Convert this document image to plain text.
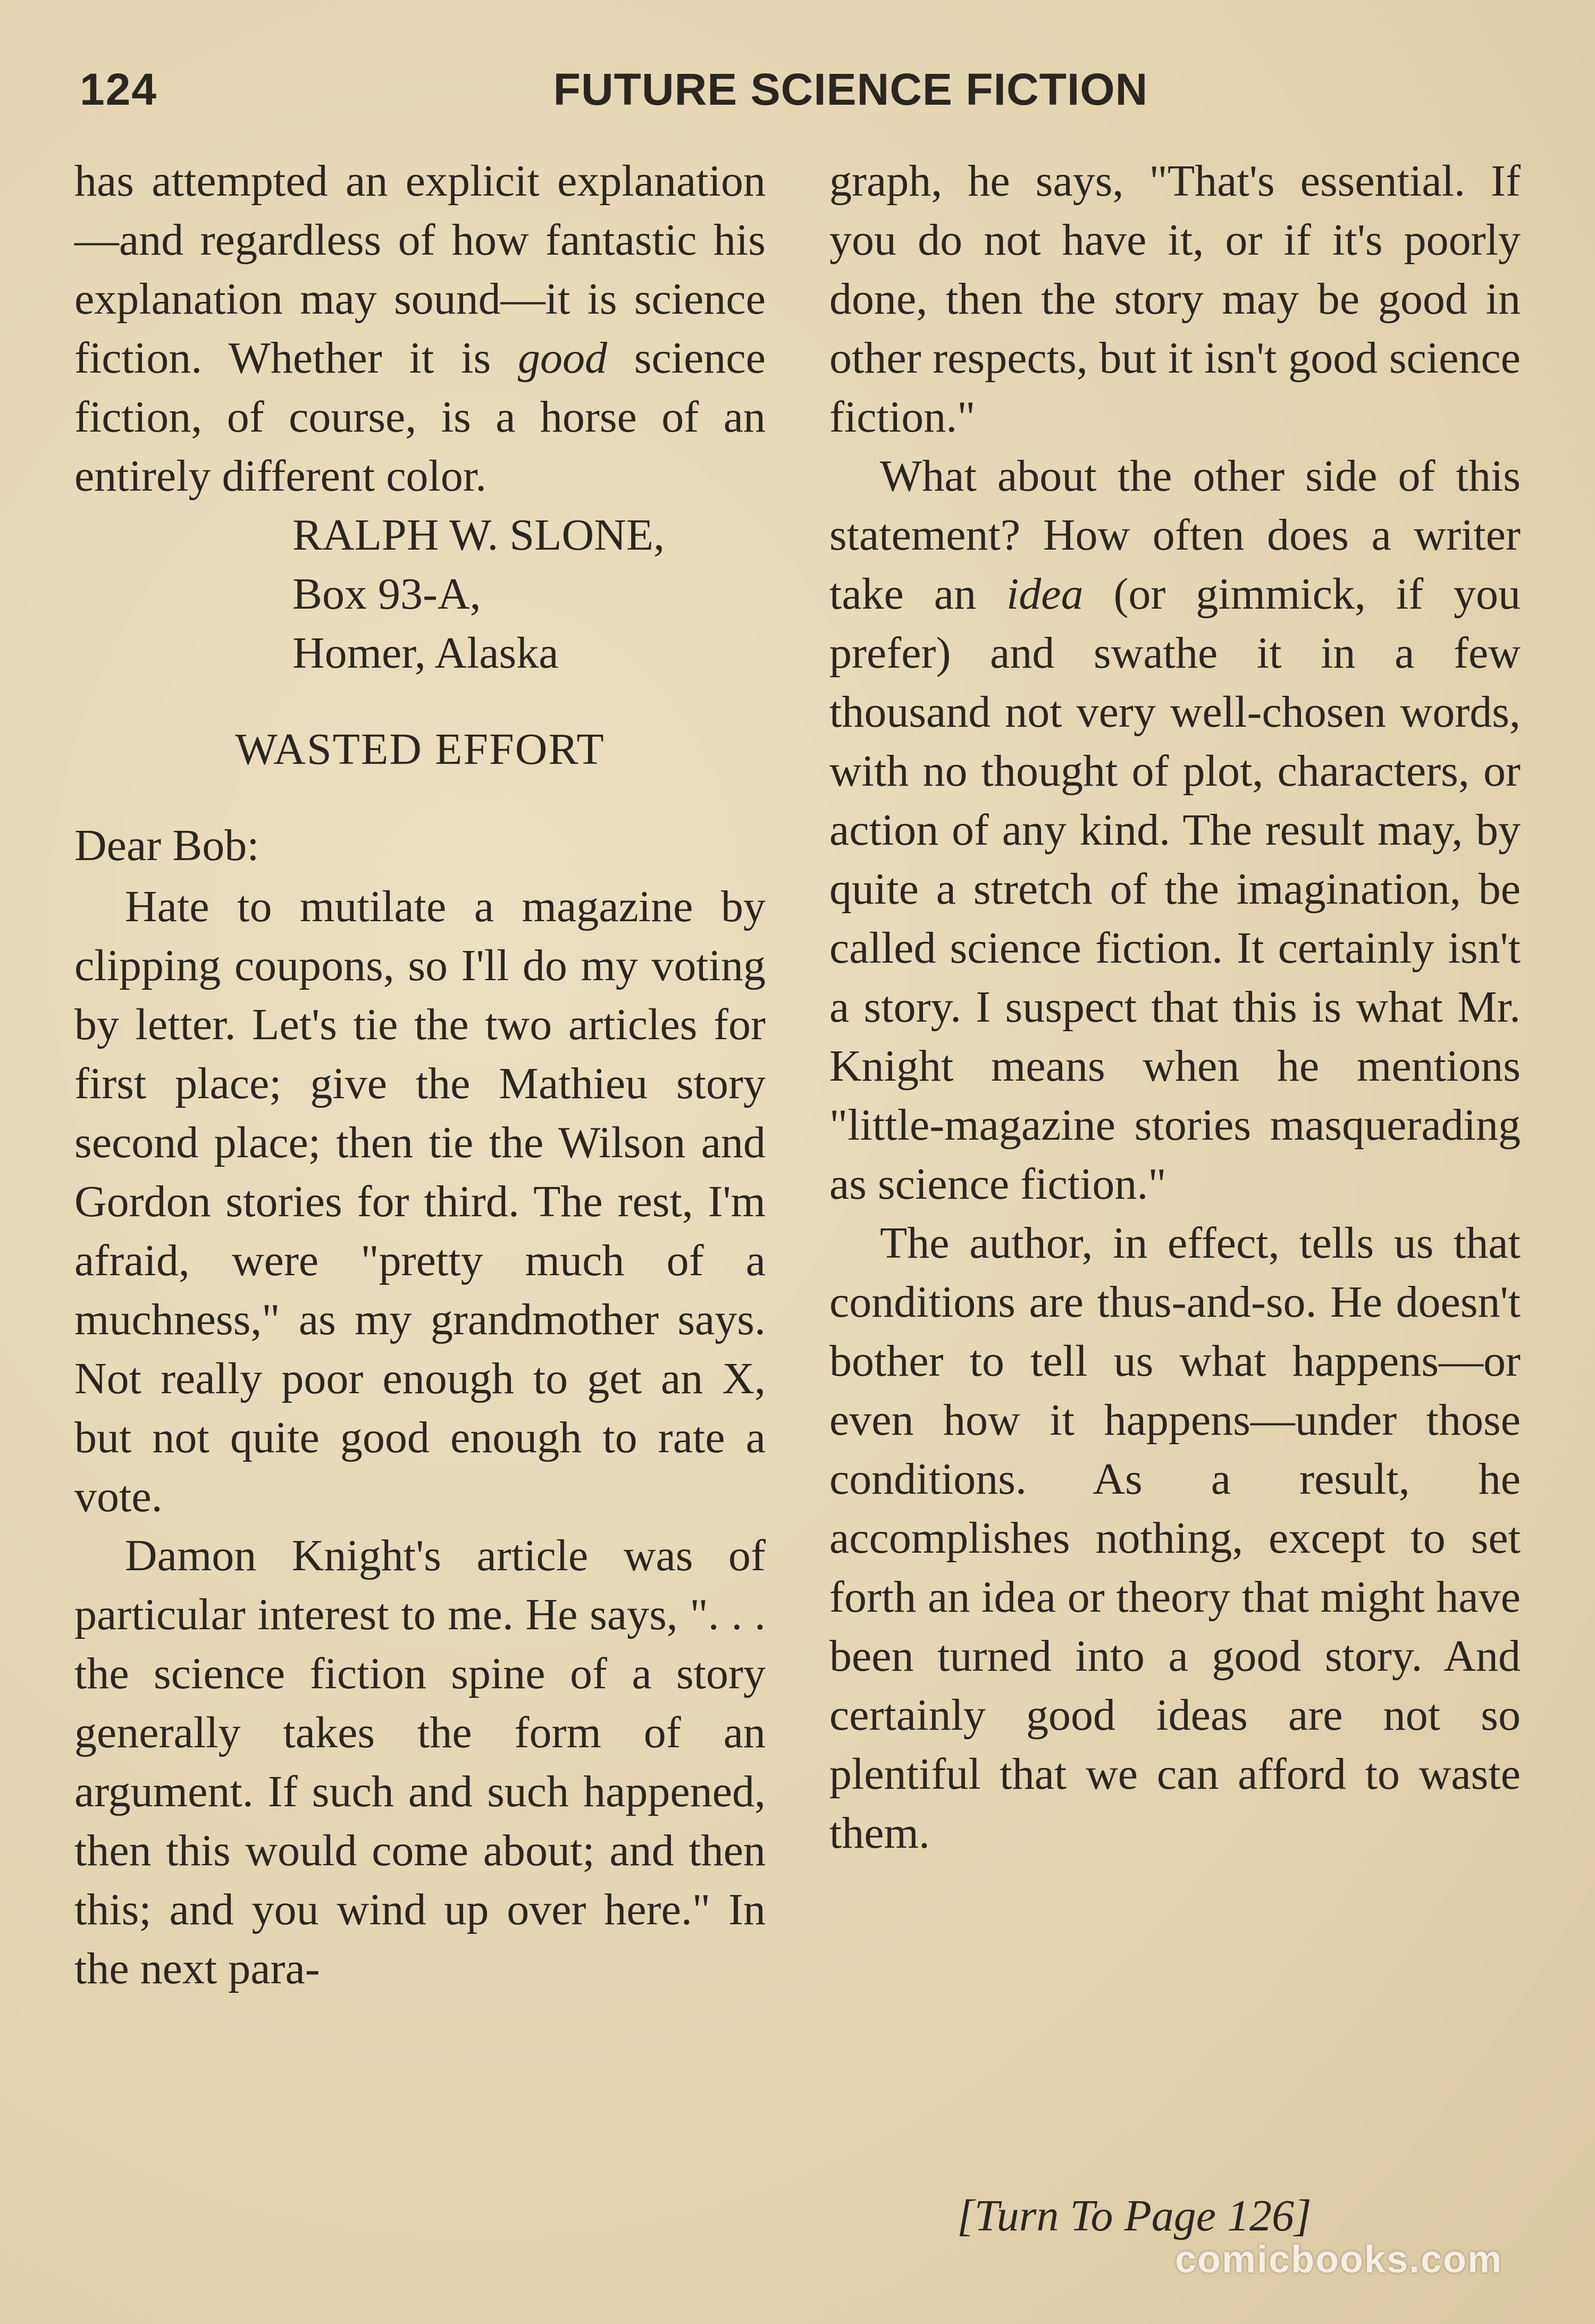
124	FUTURE SCIENCE FICTION

has attempted an explicit explanation—and regardless of how fantastic his explanation may sound—it is science fiction. Whether it is good science fiction, of course, is a horse of an entirely different color.

RALPH W. SLONE,

Box 93-A,

Homer, Alaska

WASTED EFFORT

Dear Bob:

Hate to mutilate a magazine by clipping coupons, so I'll do my voting by letter. Let's tie the two articles for first place; give the Mathieu story second place; then tie the Wilson and Gordon stories for third. The rest, I'm afraid, were "pretty much of a muchness," as my grandmother says. Not really poor enough to get an X, but not quite good enough to rate a vote.

Damon Knight's article was of particular interest to me. He says, ". . . the science fiction spine of a story generally takes the form of an argument. If such and such happened, then this would come about; and then this; and you wind up over here." In the next para-

graph, he says, "That's essential. If you do not have it, or if it's poorly done, then the story may be good in other respects, but it isn't good science fiction."

What about the other side of this statement? How often does a writer take an idea (or gimmick, if you prefer) and swathe it in a few thousand not very well-chosen words, with no thought of plot, characters, or action of any kind. The result may, by quite a stretch of the imagination, be called science fiction. It certainly isn't a story. I suspect that this is what Mr. Knight means when he mentions "little-magazine stories masquerading as science fiction."

The author, in effect, tells us that conditions are thus-and-so. He doesn't bother to tell us what happens—or even how it happens—under those conditions. As a result, he accomplishes nothing, except to set forth an idea or theory that might have been turned into a good story. And certainly good ideas are not so plentiful that we can afford to waste them.

[Turn To Page 126]
comicbooks.com
